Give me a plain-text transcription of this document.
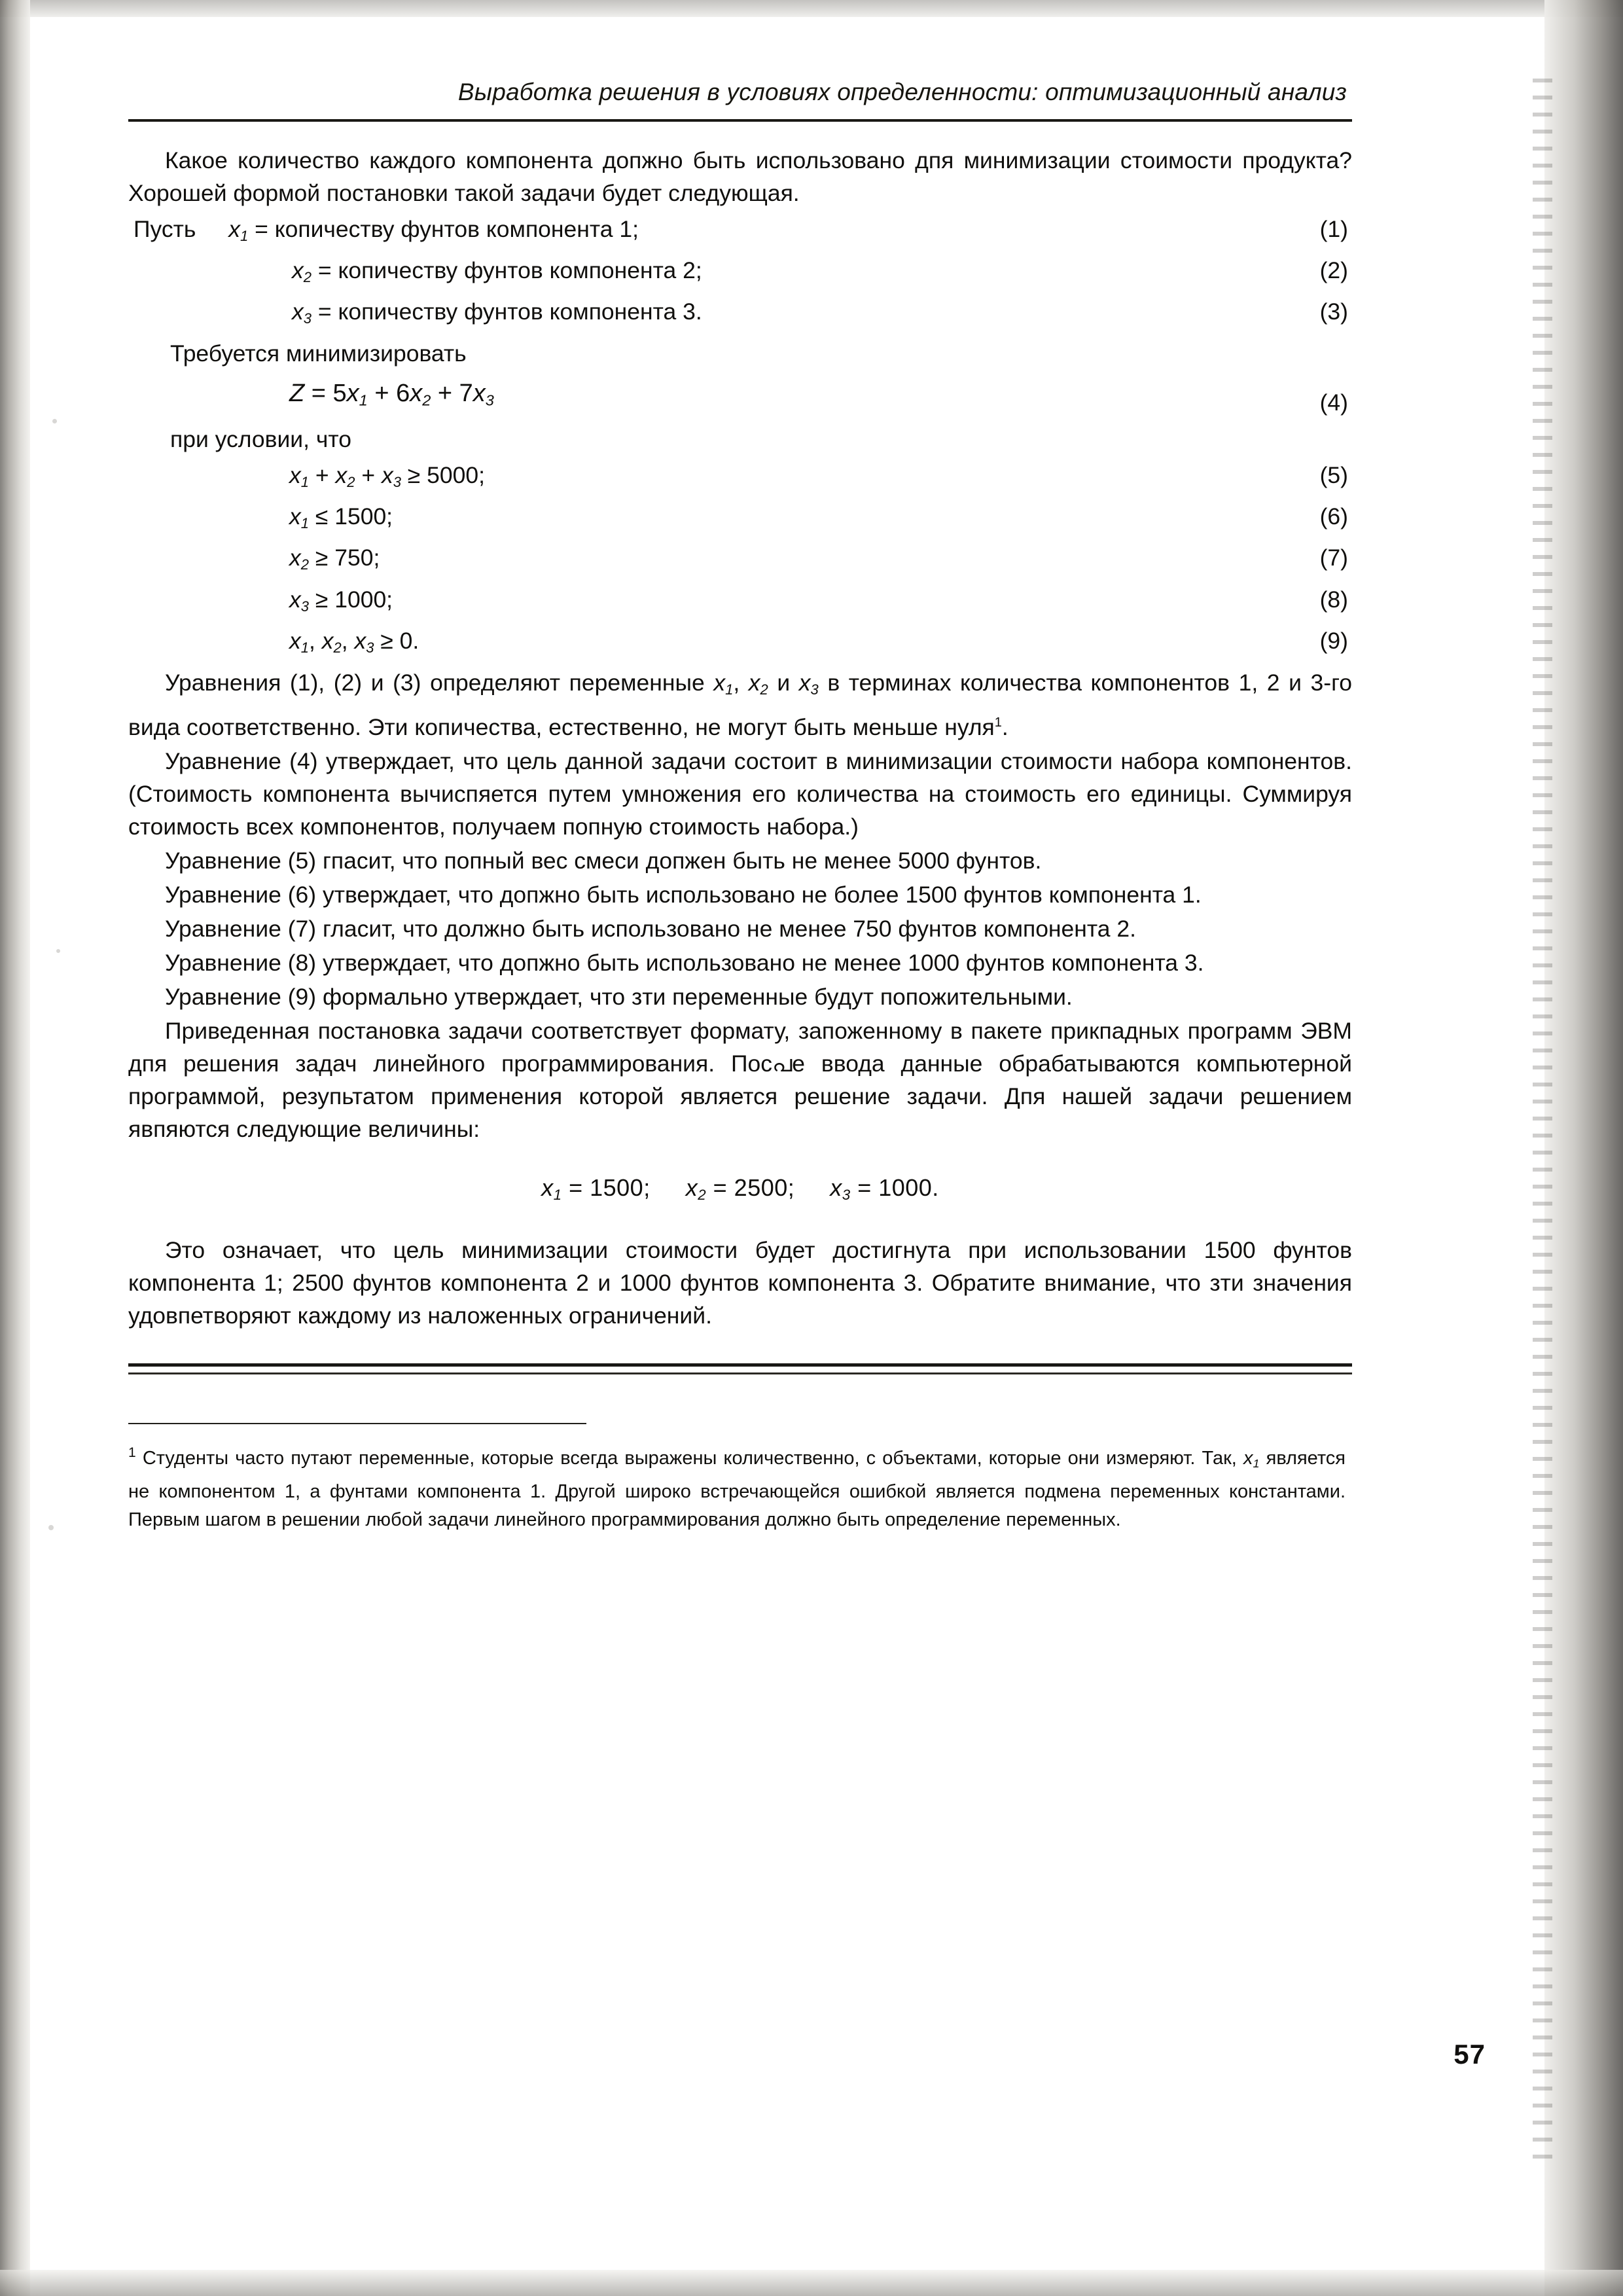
Выработка решения в условиях определенности: оптимизационный анализ

Какое количество каждого компонента допжно быть использовано дпя минимизации стоимости продукта? Хорошей формой постановки такой задачи будет следующая.

Пусть $x_1$ = копичеству фунтов компонента 1;	(1)
$x_2$ = копичеству фунтов компонента 2;	(2)
$x_3$ = копичеству фунтов компонента 3.	(3)

Требуется минимизировать

$Z = 5x_1 + 6x_2 + 7x_3$	(4)

при условии, что

$x_1 + x_2 + x_3 \ge 5000$;	(5)
$x_1 \le 1500$;	(6)
$x_2 \ge 750$;	(7)
$x_3 \ge 1000$;	(8)
$x_1$, $x_2$, $x_3 \ge 0$.	(9)

Уравнения (1), (2) и (3) определяют переменные $x_1$, $x_2$ и $x_3$ в терминах количества компонентов 1, 2 и 3-го вида соответственно. Эти копичества, естественно, не могут быть меньше нуля$^1$.

Уравнение (4) утверждает, что цель данной задачи состоит в минимизации стоимости набора компонентов. (Стоимость компонента вычиспяется путем умножения его количества на стоимость его единицы. Суммируя стоимость всех компонентов, получаем попную стоимость набора.)

Уравнение (5) гпасит, что попный вес смеси допжен быть не менее 5000 фунтов.

Уравнение (6) утверждает, что допжно быть использовано не более 1500 фунтов компонента 1.

Уравнение (7) гласит, что должно быть использовано не менее 750 фунтов компонента 2.

Уравнение (8) утверждает, что допжно быть использовано не менее 1000 фунтов компонента 3.

Уравнение (9) формально утверждает, что зти переменные будут попожительными.

Приведенная постановка задачи соответствует формату, запоженному в пакете прикпадных программ ЭВМ дпя решения задач линейного программирования. Посപе ввода данные обрабатываются компьютерной программой, резупьтатом применения которой является решение задачи. Дпя нашей задачи решением явпяются следующие величины:

$x_1 = 1500$; $x_2 = 2500$; $x_3 = 1000$.

Это означает, что цель минимизации стоимости будет достигнута при использовании 1500 фунтов компонента 1; 2500 фунтов компонента 2 и 1000 фунтов компонента 3. Обратите внимание, что зти значения удовпетворяют каждому из наложенных ограничений.

$^1$ Студенты часто путают переменные, которые всегда выражены количественно, с объектами, которые они измеряют. Так, $x_1$ является не компонентом 1, а фунтами компонента 1. Другой широко встречающейся ошибкой является подмена переменных константами. Первым шагом в решении любой задачи линейного программирования должно быть определение переменных.
57
